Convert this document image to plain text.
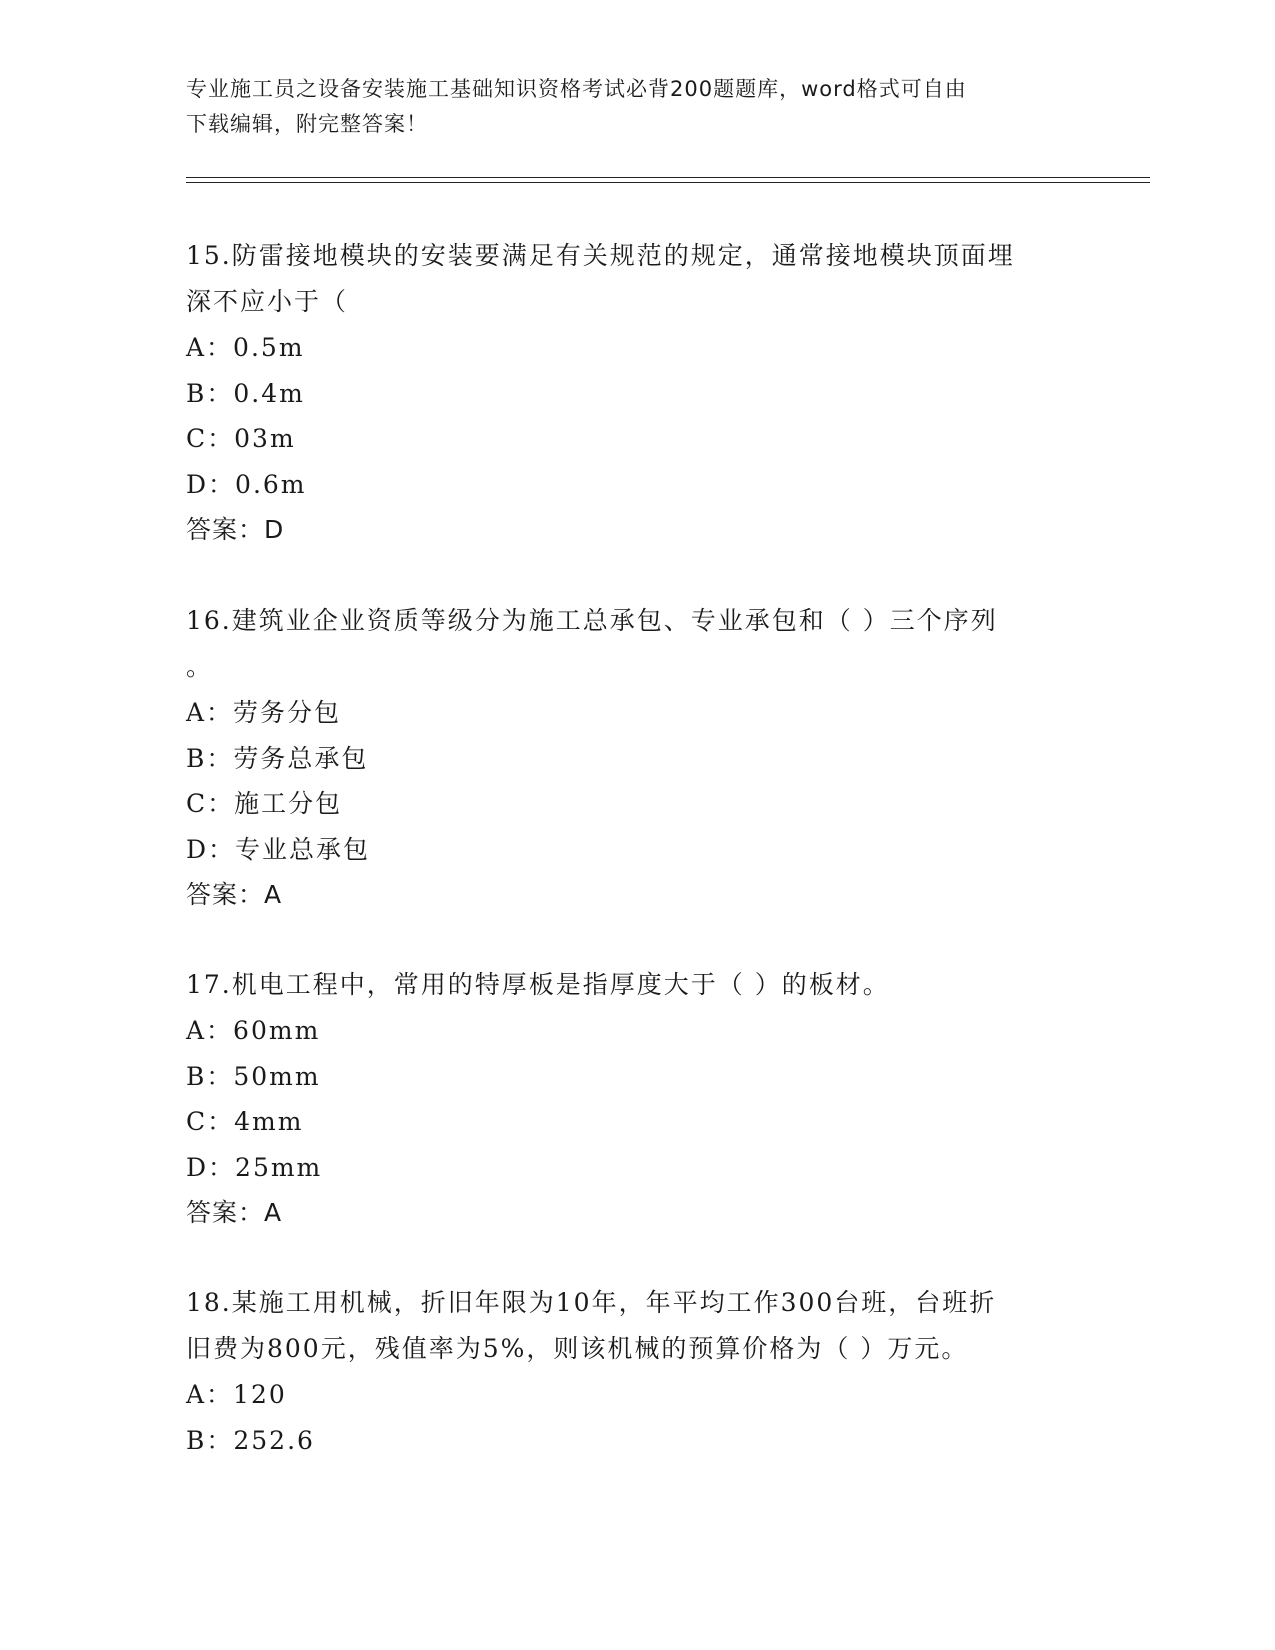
专业施工员之设备安装施工基础知识资格考试必背200题题库，word格式可自由
下载编辑，附完整答案！
15.防雷接地模块的安装要满足有关规范的规定，通常接地模块顶面埋
深不应小于（
A：0.5m
B：0.4m
C：03m
D：0.6m
答案：D
16.建筑业企业资质等级分为施工总承包、专业承包和（ ）三个序列
。
A：劳务分包
B：劳务总承包
C：施工分包
D：专业总承包
答案：A
17.机电工程中，常用的特厚板是指厚度大于（ ）的板材。
A：60mm
B：50mm
C：4mm
D：25mm
答案：A
18.某施工用机械，折旧年限为10年，年平均工作300台班，台班折
旧费为800元，残值率为5%，则该机械的预算价格为（ ）万元。
A：120
B：252.6
